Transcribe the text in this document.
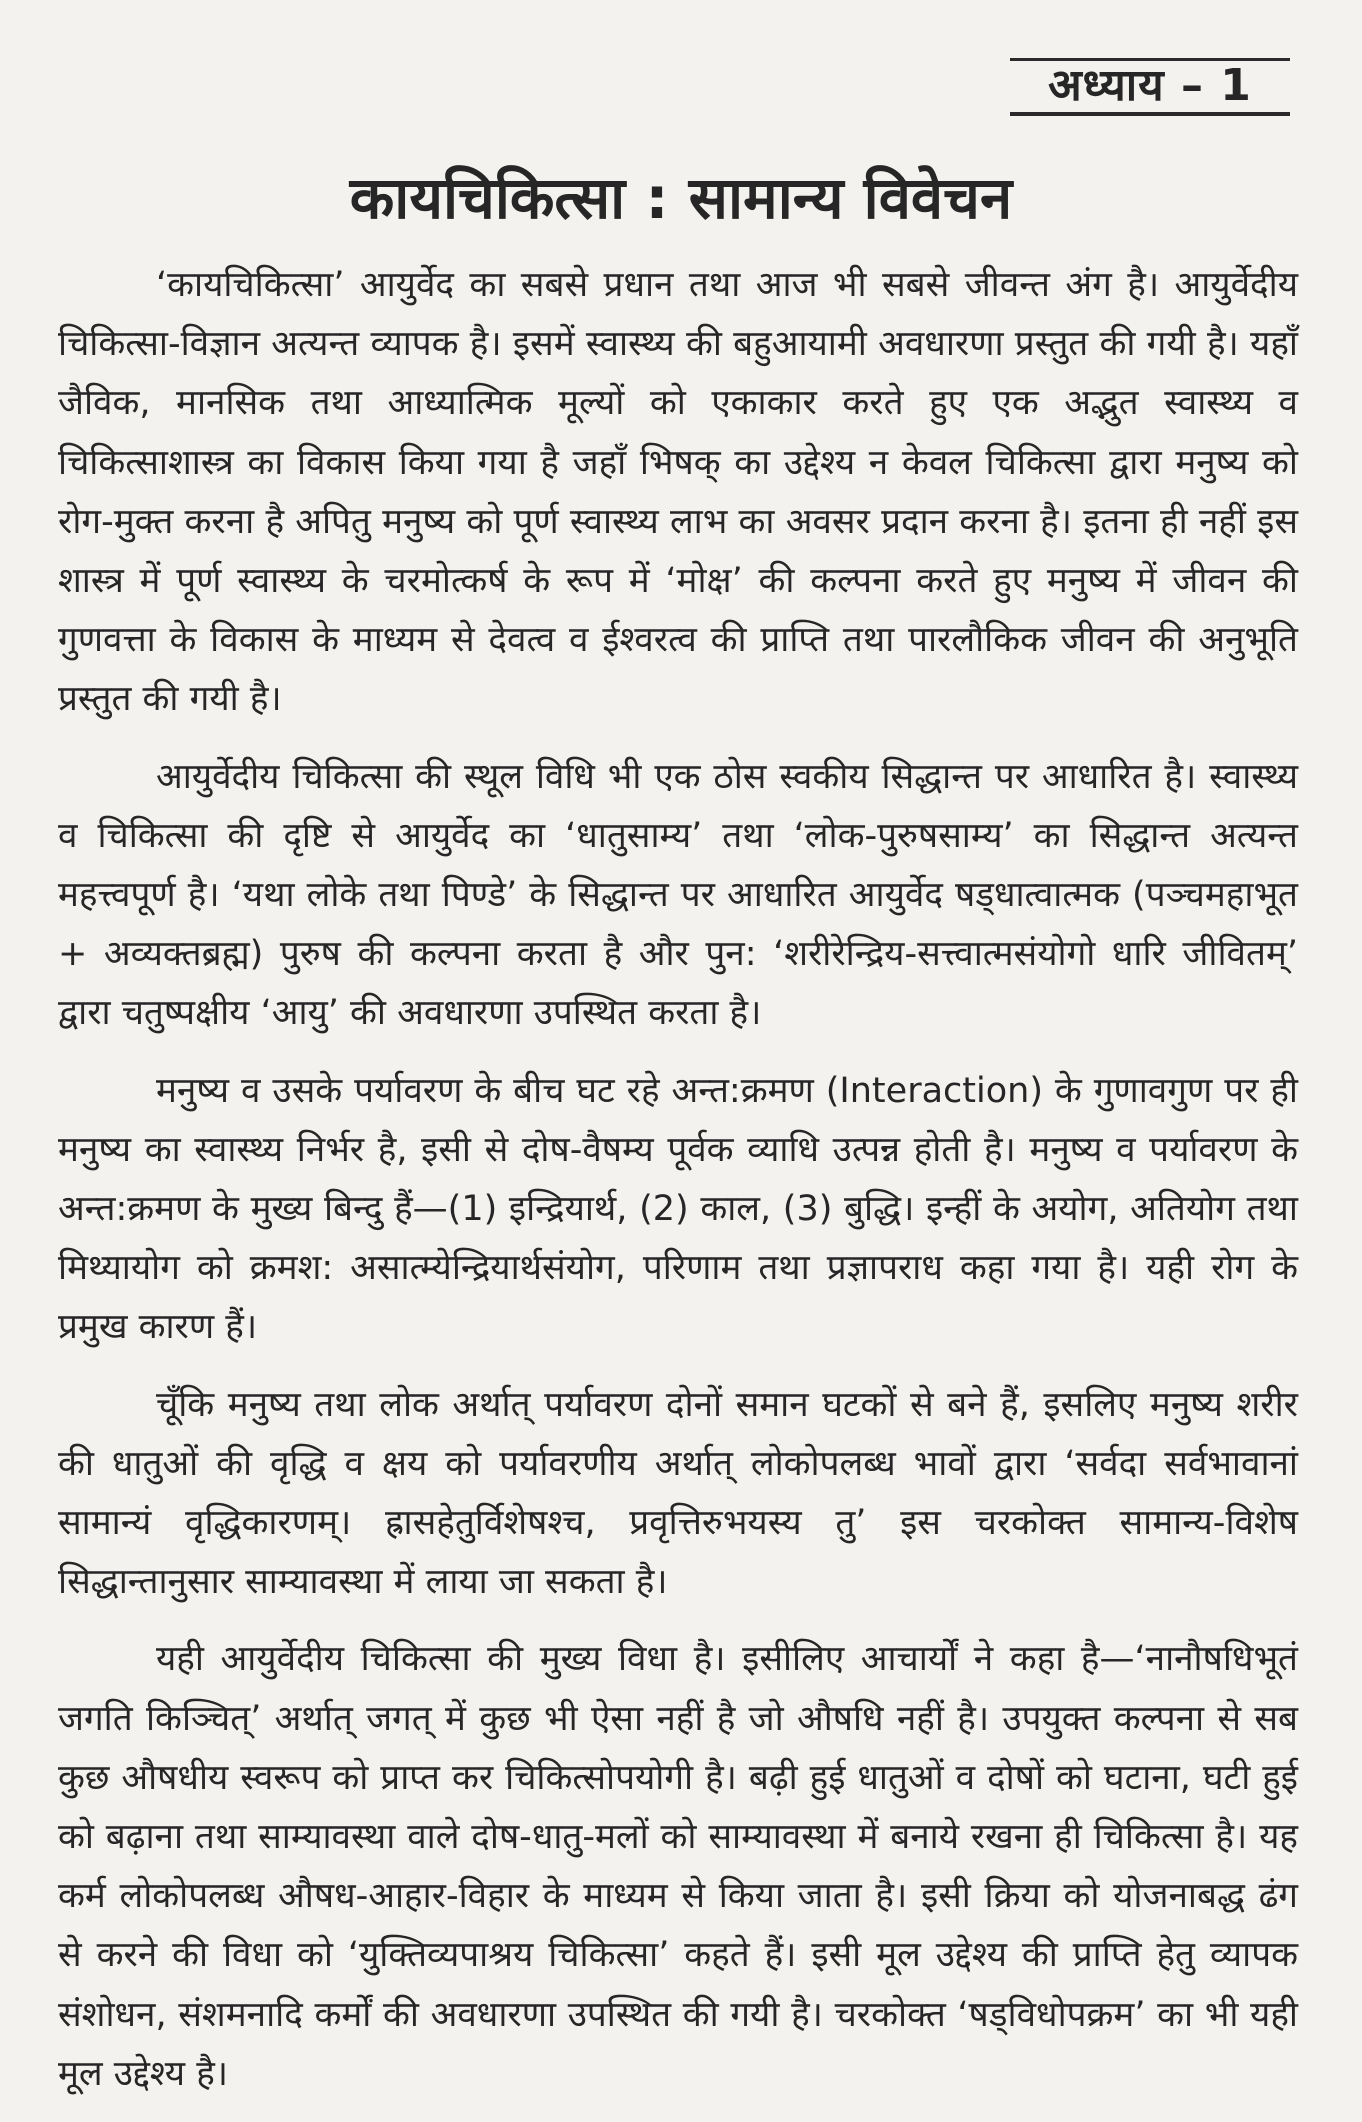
अध्याय – 1
कायचिकित्सा : सामान्य विवेचन

‘कायचिकित्सा’ आयुर्वेद का सबसे प्रधान तथा आज भी सबसे जीवन्त अंग है। आयुर्वेदीय चिकित्सा-विज्ञान अत्यन्त व्यापक है। इसमें स्वास्थ्य की बहुआयामी अवधारणा प्रस्तुत की गयी है। यहाँ जैविक, मानसिक तथा आध्यात्मिक मूल्यों को एकाकार करते हुए एक अद्भुत स्वास्थ्य व चिकित्साशास्त्र का विकास किया गया है जहाँ भिषक् का उद्देश्य न केवल चिकित्सा द्वारा मनुष्य को रोग-मुक्त करना है अपितु मनुष्य को पूर्ण स्वास्थ्य लाभ का अवसर प्रदान करना है। इतना ही नहीं इस शास्त्र में पूर्ण स्वास्थ्य के चरमोत्कर्ष के रूप में ‘मोक्ष’ की कल्पना करते हुए मनुष्य में जीवन की गुणवत्ता के विकास के माध्यम से देवत्व व ईश्वरत्व की प्राप्ति तथा पारलौकिक जीवन की अनुभूति प्रस्तुत की गयी है।

आयुर्वेदीय चिकित्सा की स्थूल विधि भी एक ठोस स्वकीय सिद्धान्त पर आधारित है। स्वास्थ्य व चिकित्सा की दृष्टि से आयुर्वेद का ‘धातुसाम्य’ तथा ‘लोक-पुरुषसाम्य’ का सिद्धान्त अत्यन्त महत्त्वपूर्ण है। ‘यथा लोके तथा पिण्डे’ के सिद्धान्त पर आधारित आयुर्वेद षड्धात्वात्मक (पञ्चमहाभूत + अव्यक्तब्रह्म) पुरुष की कल्पना करता है और पुन: ‘शरीरेन्द्रिय-सत्त्वात्मसंयोगो धारि जीवितम्’ द्वारा चतुष्पक्षीय ‘आयु’ की अवधारणा उपस्थित करता है।

मनुष्य व उसके पर्यावरण के बीच घट रहे अन्त:क्रमण (Interaction) के गुणावगुण पर ही मनुष्य का स्वास्थ्य निर्भर है, इसी से दोष-वैषम्य पूर्वक व्याधि उत्पन्न होती है। मनुष्य व पर्यावरण के अन्त:क्रमण के मुख्य बिन्दु हैं—(1) इन्द्रियार्थ, (2) काल, (3) बुद्धि। इन्हीं के अयोग, अतियोग तथा मिथ्यायोग को क्रमश: असात्म्येन्द्रियार्थसंयोग, परिणाम तथा प्रज्ञापराध कहा गया है। यही रोग के प्रमुख कारण हैं।

चूँकि मनुष्य तथा लोक अर्थात् पर्यावरण दोनों समान घटकों से बने हैं, इसलिए मनुष्य शरीर की धातुओं की वृद्धि व क्षय को पर्यावरणीय अर्थात् लोकोपलब्ध भावों द्वारा ‘सर्वदा सर्वभावानां सामान्यं वृद्धिकारणम्। ह्रासहेतुर्विशेषश्च, प्रवृत्तिरुभयस्य तु’ इस चरकोक्त सामान्य-विशेष सिद्धान्तानुसार साम्यावस्था में लाया जा सकता है।

यही आयुर्वेदीय चिकित्सा की मुख्य विधा है। इसीलिए आचार्यों ने कहा है—‘नानौषधिभूतं जगति किञ्चित्’ अर्थात् जगत् में कुछ भी ऐसा नहीं है जो औषधि नहीं है। उपयुक्त कल्पना से सब कुछ औषधीय स्वरूप को प्राप्त कर चिकित्सोपयोगी है। बढ़ी हुई धातुओं व दोषों को घटाना, घटी हुई को बढ़ाना तथा साम्यावस्था वाले दोष-धातु-मलों को साम्यावस्था में बनाये रखना ही चिकित्सा है। यह कर्म लोकोपलब्ध औषध-आहार-विहार के माध्यम से किया जाता है। इसी क्रिया को योजनाबद्ध ढंग से करने की विधा को ‘युक्तिव्यपाश्रय चिकित्सा’ कहते हैं। इसी मूल उद्देश्य की प्राप्ति हेतु व्यापक संशोधन, संशमनादि कर्मों की अवधारणा उपस्थित की गयी है। चरकोक्त ‘षड्विधोपक्रम’ का भी यही मूल उद्देश्य है।
